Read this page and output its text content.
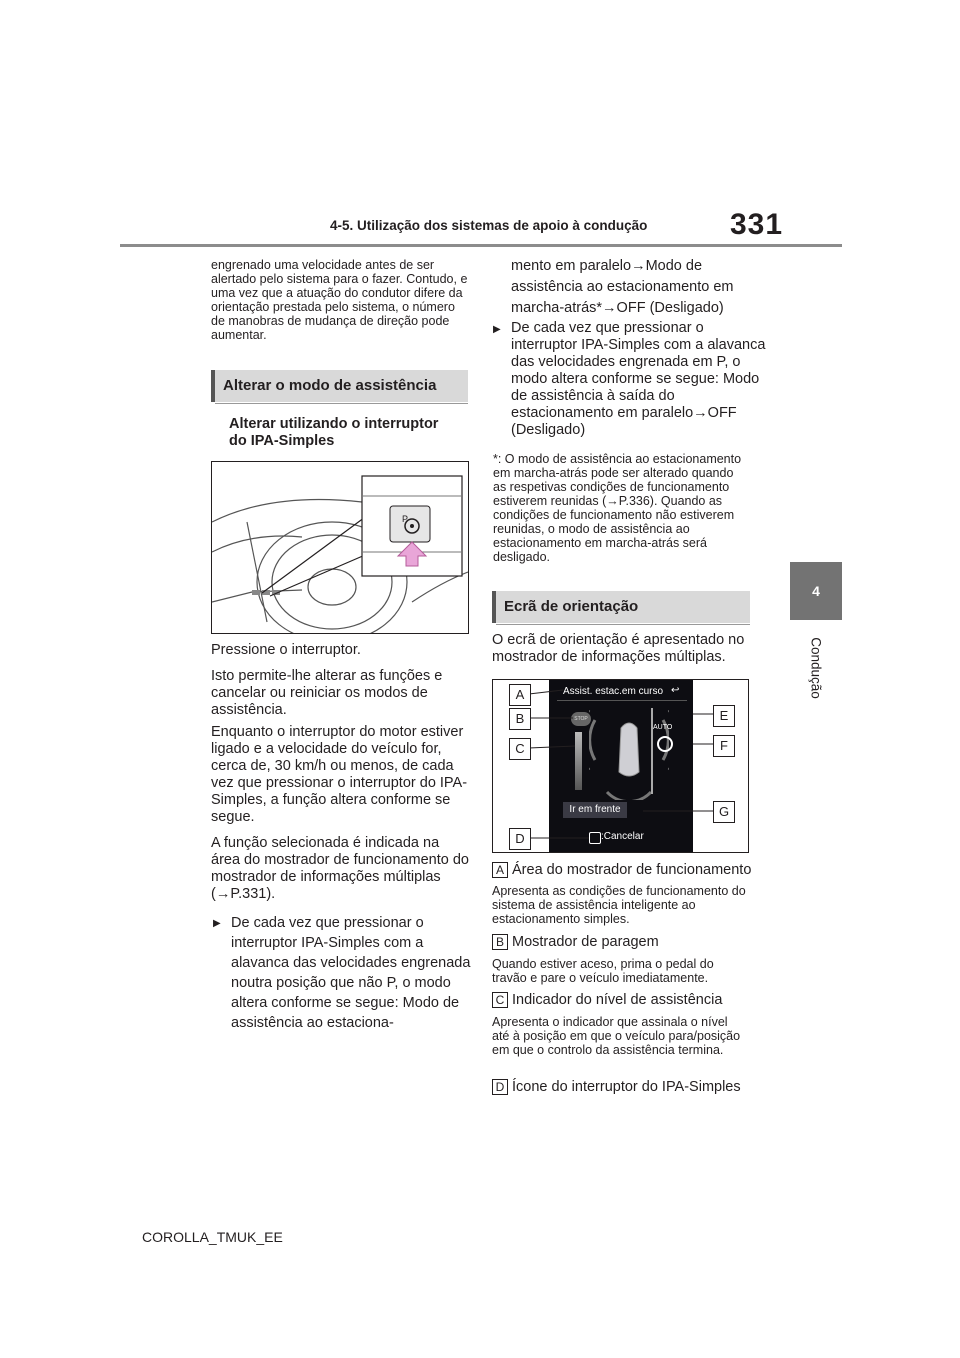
4-5. Utilização dos sistemas de apoio à condução	331
4
Condução
engrenado uma velocidade antes de ser alertado pelo sistema para o fazer. Contudo, e uma vez que a atuação do condutor difere da orientação prestada pelo sistema, o número de manobras de mudança de direção pode aumentar.
Alterar o modo de assistência
Alterar utilizando o interruptor do IPA-Simples
P
Pressione o interruptor.
Isto permite-lhe alterar as funções e cancelar ou reiniciar os modos de assistência.
Enquanto o interruptor do motor estiver ligado e a velocidade do veículo for, cerca de, 30 km/h ou menos, de cada vez que pressionar o interruptor do IPA-Simples, a função altera conforme se segue.
A função selecionada é indicada na área do mostrador de funcionamento do mostrador de informações múltiplas (→P.331).
▶ De cada vez que pressionar o interruptor IPA-Simples com a alavanca das velocidades engrenada noutra posição que não P, o modo altera conforme se segue: Modo de assistência ao estaciona-
mento em paralelo→Modo de assistência ao estacionamento em marcha-atrás*→OFF (Desligado)
▶ De cada vez que pressionar o interruptor IPA-Simples com a alavanca das velocidades engrenada em P, o modo altera conforme se segue: Modo de assistência à saída do estacionamento em paralelo→OFF (Desligado)
*: O modo de assistência ao estacionamento em marcha-atrás pode ser alterado quando as respetivas condições de funcionamento estiverem reunidas (→P.336). Quando as condições de funcionamento não estiverem reunidas, o modo de assistência ao estacionamento em marcha-atrás será desligado.
Ecrã de orientação
O ecrã de orientação é apresentado no mostrador de informações múltiplas.
Assist. estac.em curso ↩
STOP
AUTO
Ir em frente
:Cancelar
A
B
C
D
E
F
G
A Área do mostrador de funcionamento
Apresenta as condições de funcionamento do sistema de assistência inteligente ao estacionamento simples.
B Mostrador de paragem
Quando estiver aceso, prima o pedal do travão e pare o veículo imediatamente.
C Indicador do nível de assistência
Apresenta o indicador que assinala o nível até à posição em que o veículo para/posição em que o controlo da assistência termina.
D Ícone do interruptor do IPA-Simples
COROLLA_TMUK_EE
